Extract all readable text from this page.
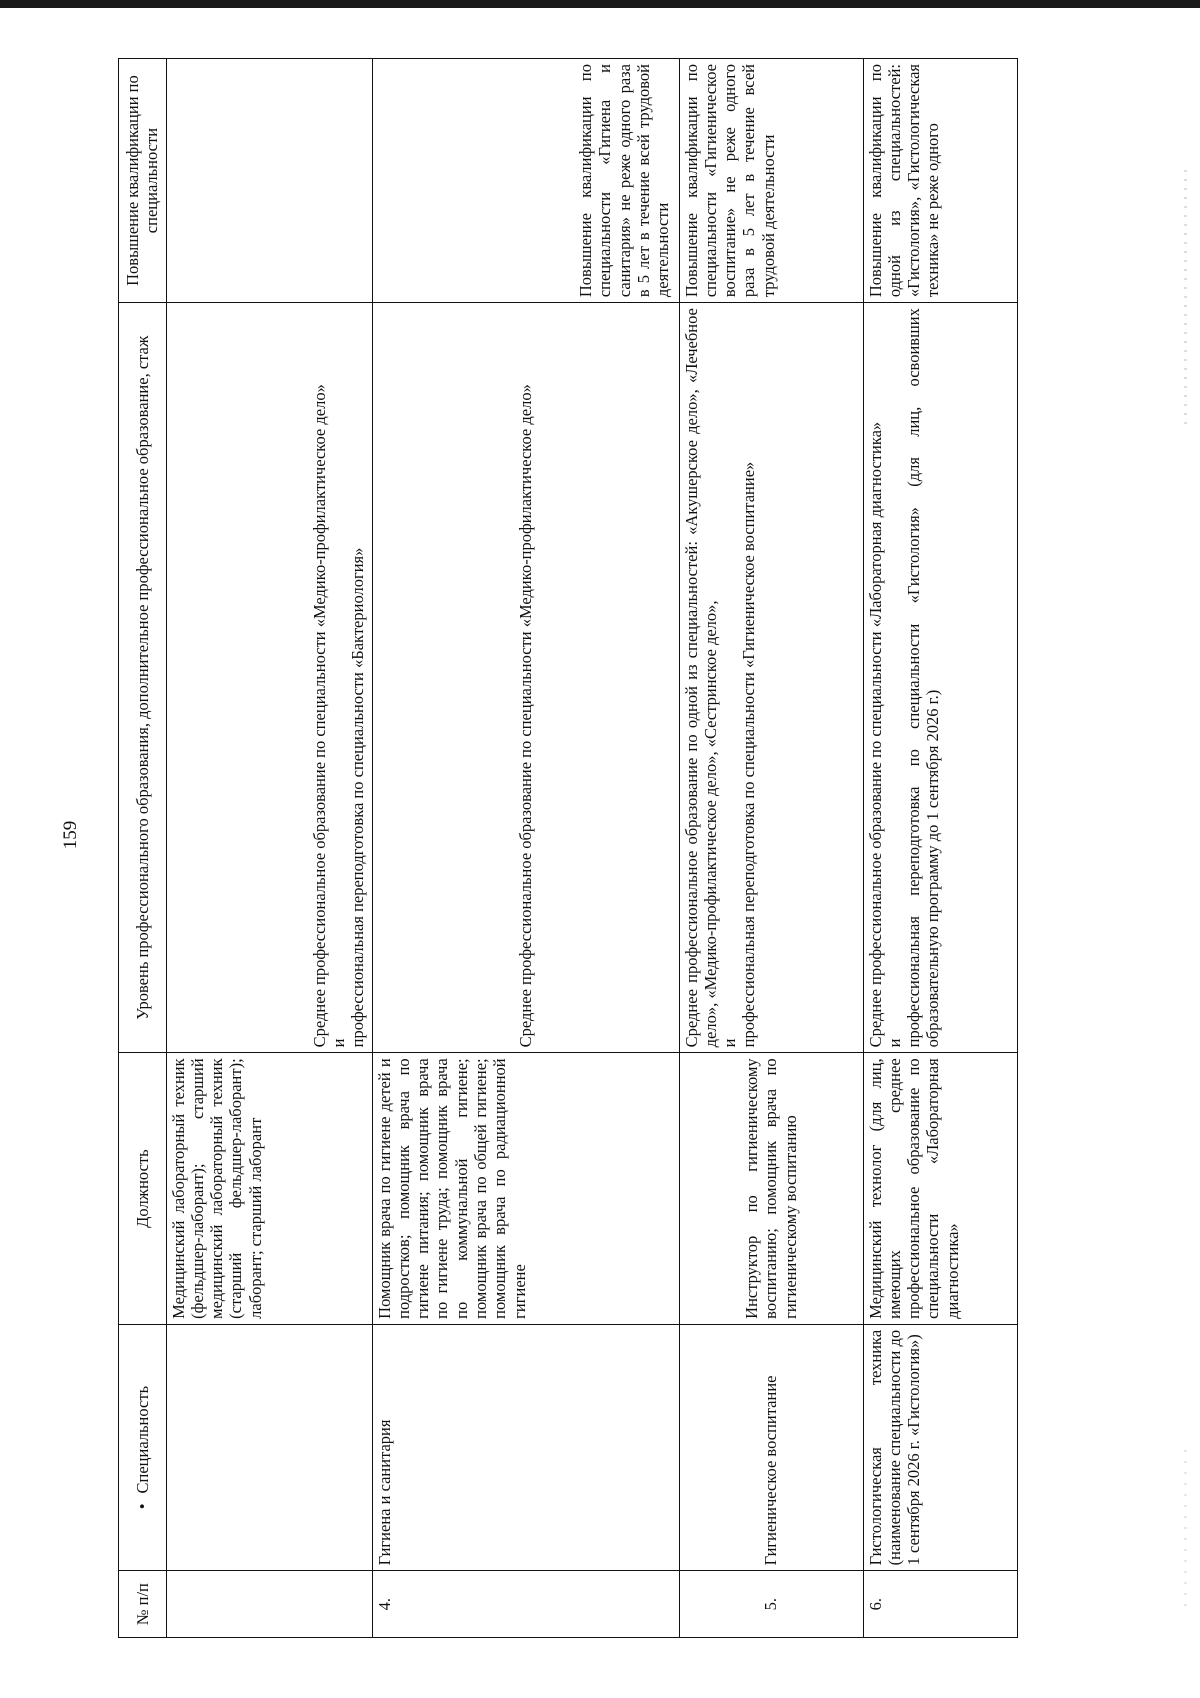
159
№ п/п	•Специальность	Должность	Уровень профессионального образования, дополнительное профессиональное образование, стаж	Повышение квалификации по специальности
		Медицинский лабораторный техник (фельдшер-лаборант); старший медицинский лабораторный техник (старший фельдшер-лаборант); лаборант; старший лаборант	Среднее профессиональное образование по специальности «Медико-профилактическое дело» и профессиональная переподготовка по специальности «Бактериология»	

4.	Гигиена и санитария	Помощник врача по гигиене детей и подростков; помощник врача по гигиене питания; помощник врача по гигиене труда; помощник врача по коммунальной гигиене; помощник врача по общей гигиене; помощник врача по радиационной гигиене	Среднее профессиональное образование по специальности «Медико-профилактическое дело»	Повышение квалификации по специальности «Гигиена и санитария» не реже одного раза в 5 лет в течение всей трудовой деятельности
5.	Гигиеническое воспитание	Инструктор по гигиеническому воспитанию; помощник врача по гигиеническому воспитанию	Среднее профессиональное образование по одной из специальностей: «Акушерское дело», «Лечебное дело», «Медико-профилактическое дело», «Сестринское дело», и профессиональная переподготовка по специальности «Гигиеническое воспитание»	Повышение квалификации по специальности «Гигиеническое воспитание» не реже одного раза в 5 лет в течение всей трудовой деятельности
6.	Гистологическая техника (наименование специальности до 1 сентября 2026 г. «Гистология»)	Медицинский технолог (для лиц, имеющих среднее профессиональное образование по специальности «Лабораторная диагностика»	Среднее профессиональное образование по специальности «Лабораторная диагностика» и профессиональная переподготовка по специальности «Гистология» (для лиц, освоивших образовательную программу до 1 сентября 2026 г.)	Повышение квалификации по одной из специальностей: «Гистология», «Гистологическая техника» не реже одного
